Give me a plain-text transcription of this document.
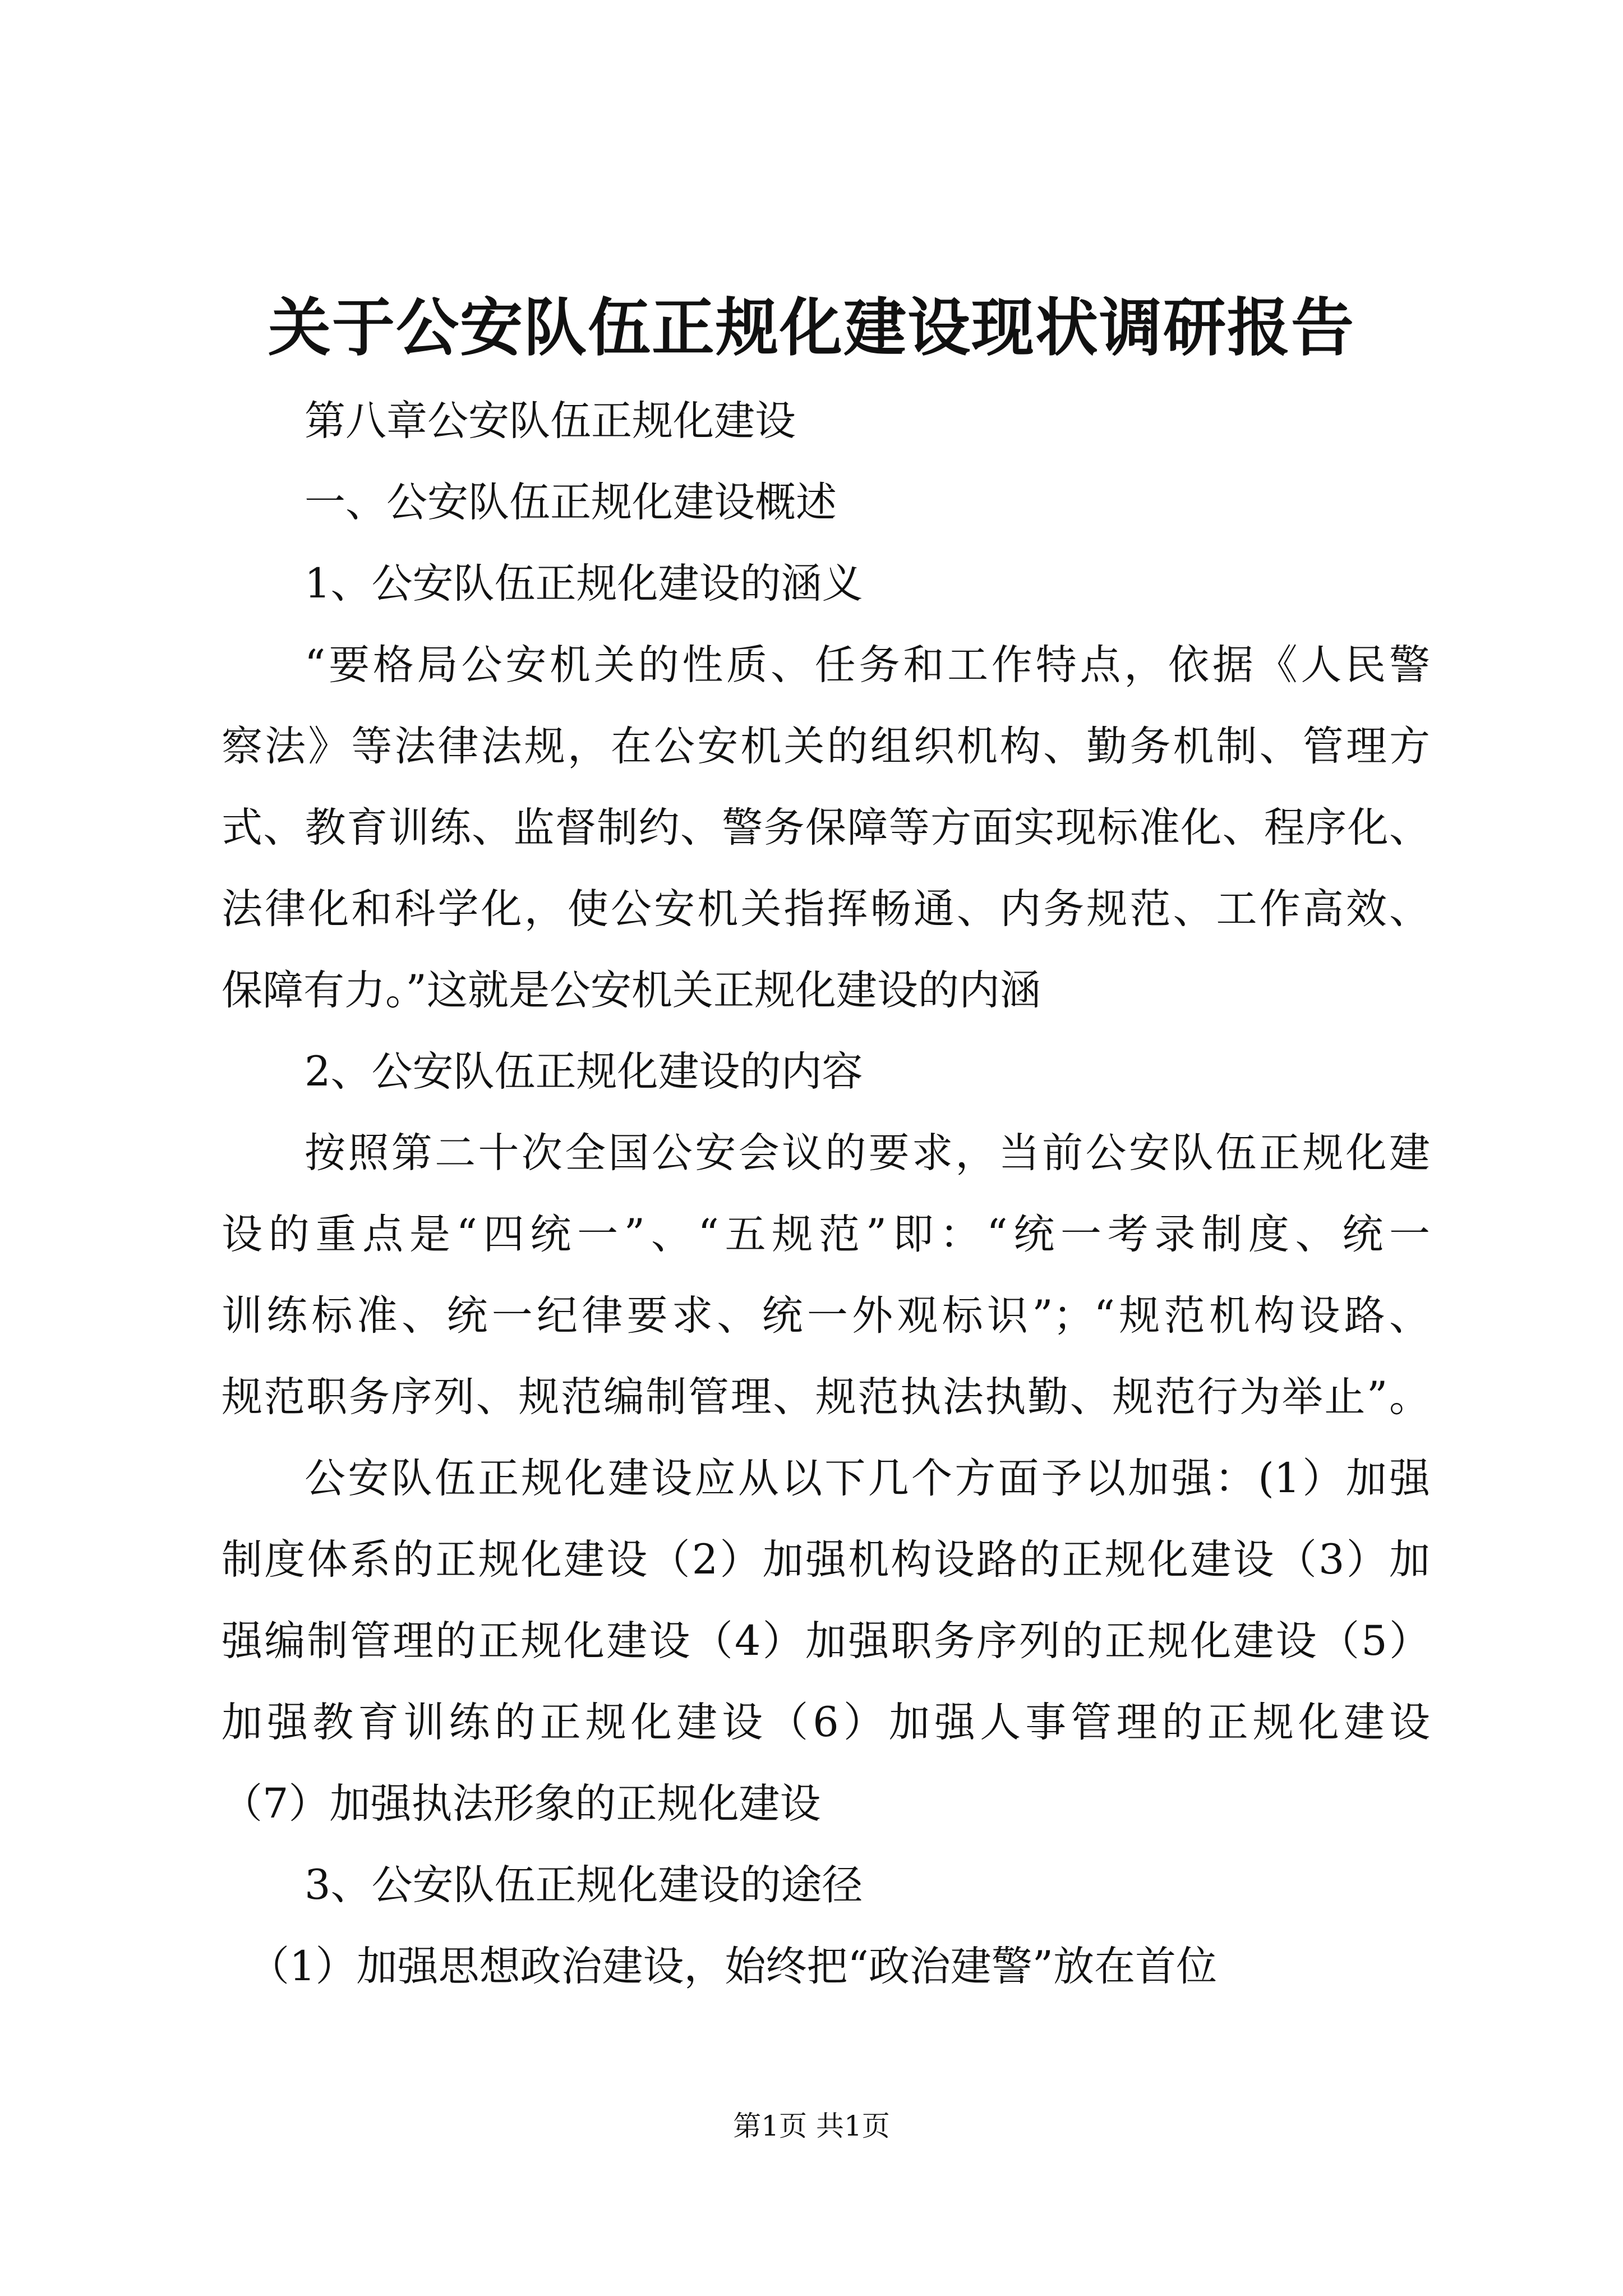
关于公安队伍正规化建设现状调研报告
第八章公安队伍正规化建设
一、公安队伍正规化建设概述
1、公安队伍正规化建设的涵义
“要格局公安机关的性质、任务和工作特点，依据《人民警
察法》等法律法规，在公安机关的组织机构、勤务机制、管理方
式、教育训练、监督制约、警务保障等方面实现标准化、程序化、
法律化和科学化，使公安机关指挥畅通、内务规范、工作高效、
保障有力。”这就是公安机关正规化建设的内涵
2、公安队伍正规化建设的内容
按照第二十次全国公安会议的要求，当前公安队伍正规化建
设的重点是“四统一”、“五规范”即：“统一考录制度、统一
训练标准、统一纪律要求、统一外观标识”；“规范机构设路、
规范职务序列、规范编制管理、规范执法执勤、规范行为举止”。
公安队伍正规化建设应从以下几个方面予以加强：(1）加强
制度体系的正规化建设（2）加强机构设路的正规化建设（3）加
强编制管理的正规化建设（4）加强职务序列的正规化建设（5）
加强教育训练的正规化建设（6）加强人事管理的正规化建设
（7）加强执法形象的正规化建设
3、公安队伍正规化建设的途径
（1）加强思想政治建设，始终把“政治建警”放在首位
第1页 共1页
